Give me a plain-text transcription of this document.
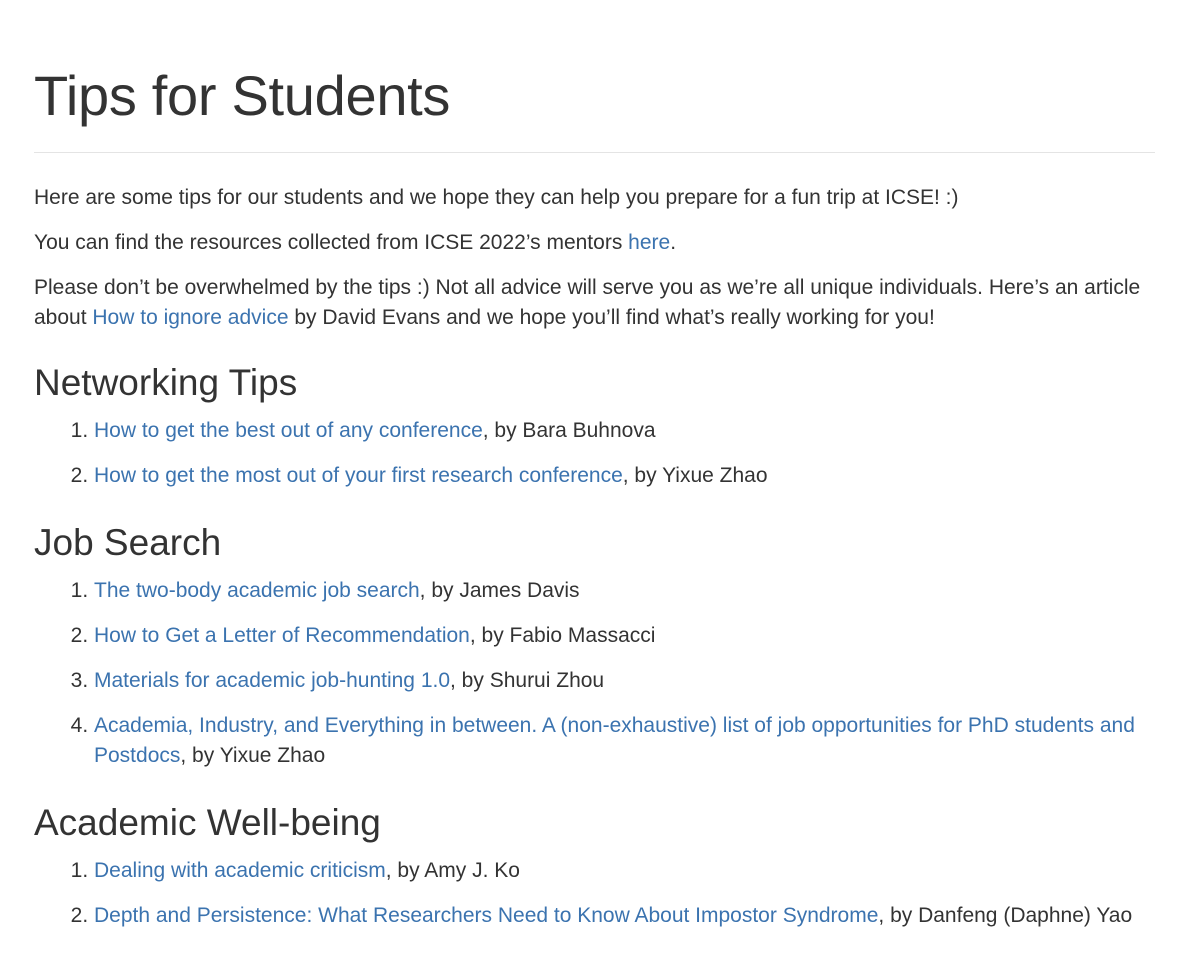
Tips for Students

Here are some tips for our students and we hope they can help you prepare for a fun trip at ICSE! :)

You can find the resources collected from ICSE 2022’s mentors here.

Please don’t be overwhelmed by the tips :) Not all advice will serve you as we’re all unique individuals. Here’s an article about How to ignore advice by David Evans and we hope you’ll find what’s really working for you!

Networking Tips
1. How to get the best out of any conference, by Bara Buhnova
2. How to get the most out of your first research conference, by Yixue Zhao
Job Search
1. The two-body academic job search, by James Davis
2. How to Get a Letter of Recommendation, by Fabio Massacci
3. Materials for academic job-hunting 1.0, by Shurui Zhou
4. Academia, Industry, and Everything in between. A (non-exhaustive) list of job opportunities for PhD students and Postdocs, by Yixue Zhao
Academic Well-being
1. Dealing with academic criticism, by Amy J. Ko
2. Depth and Persistence: What Researchers Need to Know About Impostor Syndrome, by Danfeng (Daphne) Yao
